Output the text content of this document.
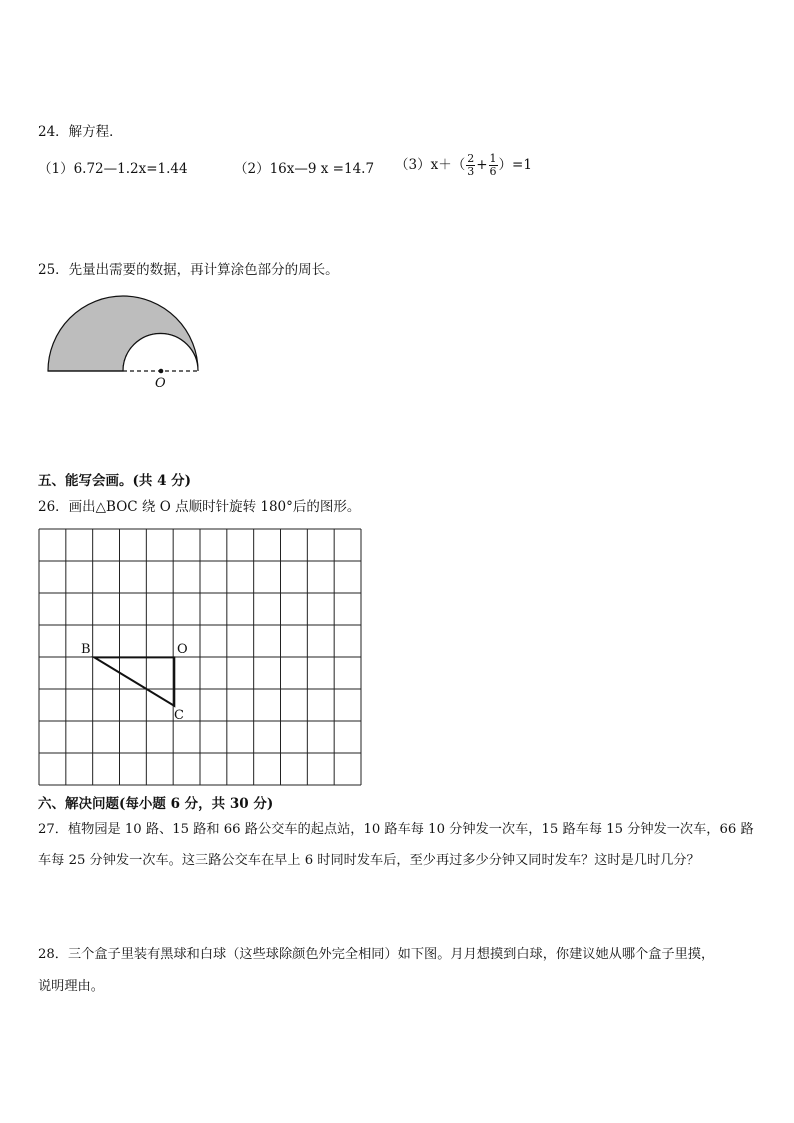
24．解方程．
（1）6.72—1.2x=1.44	（2）16x—9 x =14.7 $(3)x+( \frac{2}{3} + \frac{1}{6} )=1$
25．先量出需要的数据，再计算涂色部分的周长。
O
五、能写会画。(共 4 分)
26．画出△BOC 绕 O 点顺时针旋转 180°后的图形。
B	O
C
六、解决问题(每小题 6 分，共 30 分)
27．植物园是 10 路、15 路和 66 路公交车的起点站，10 路车每 10 分钟发一次车，15 路车每 15 分钟发一次车，66 路
车每 25 分钟发一次车。这三路公交车在早上 6 时同时发车后，至少再过多少分钟又同时发车？这时是几时几分？
28．三个盒子里装有黑球和白球（这些球除颜色外完全相同）如下图。月月想摸到白球，你建议她从哪个盒子里摸，
说明理由。
